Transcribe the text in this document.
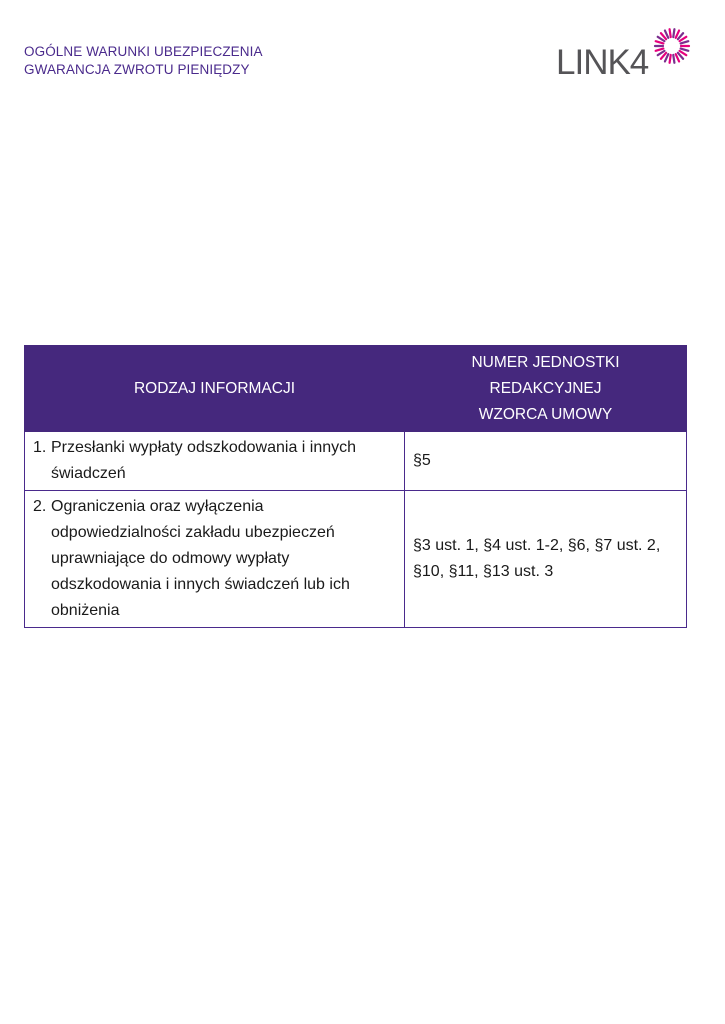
OGÓLNE WARUNKI UBEZPIECZENIA
GWARANCJA ZWROTU PIENIĘDZY	LINK4
RODZAJ INFORMACJI	NUMER JEDNOSTKI
REDAKCYJNEJ
WZORCA UMOWY

1. Przesłanki wypłaty odszkodowania i innych świadczeń	§5

2. Ograniczenia oraz wyłączenia odpowiedzialności zakładu ubezpieczeń uprawniające do odmowy wypłaty odszkodowania i innych świadczeń lub ich obniżenia	§3 ust. 1, §4 ust. 1-2, §6, §7 ust. 2, §10, §11, §13 ust. 3
